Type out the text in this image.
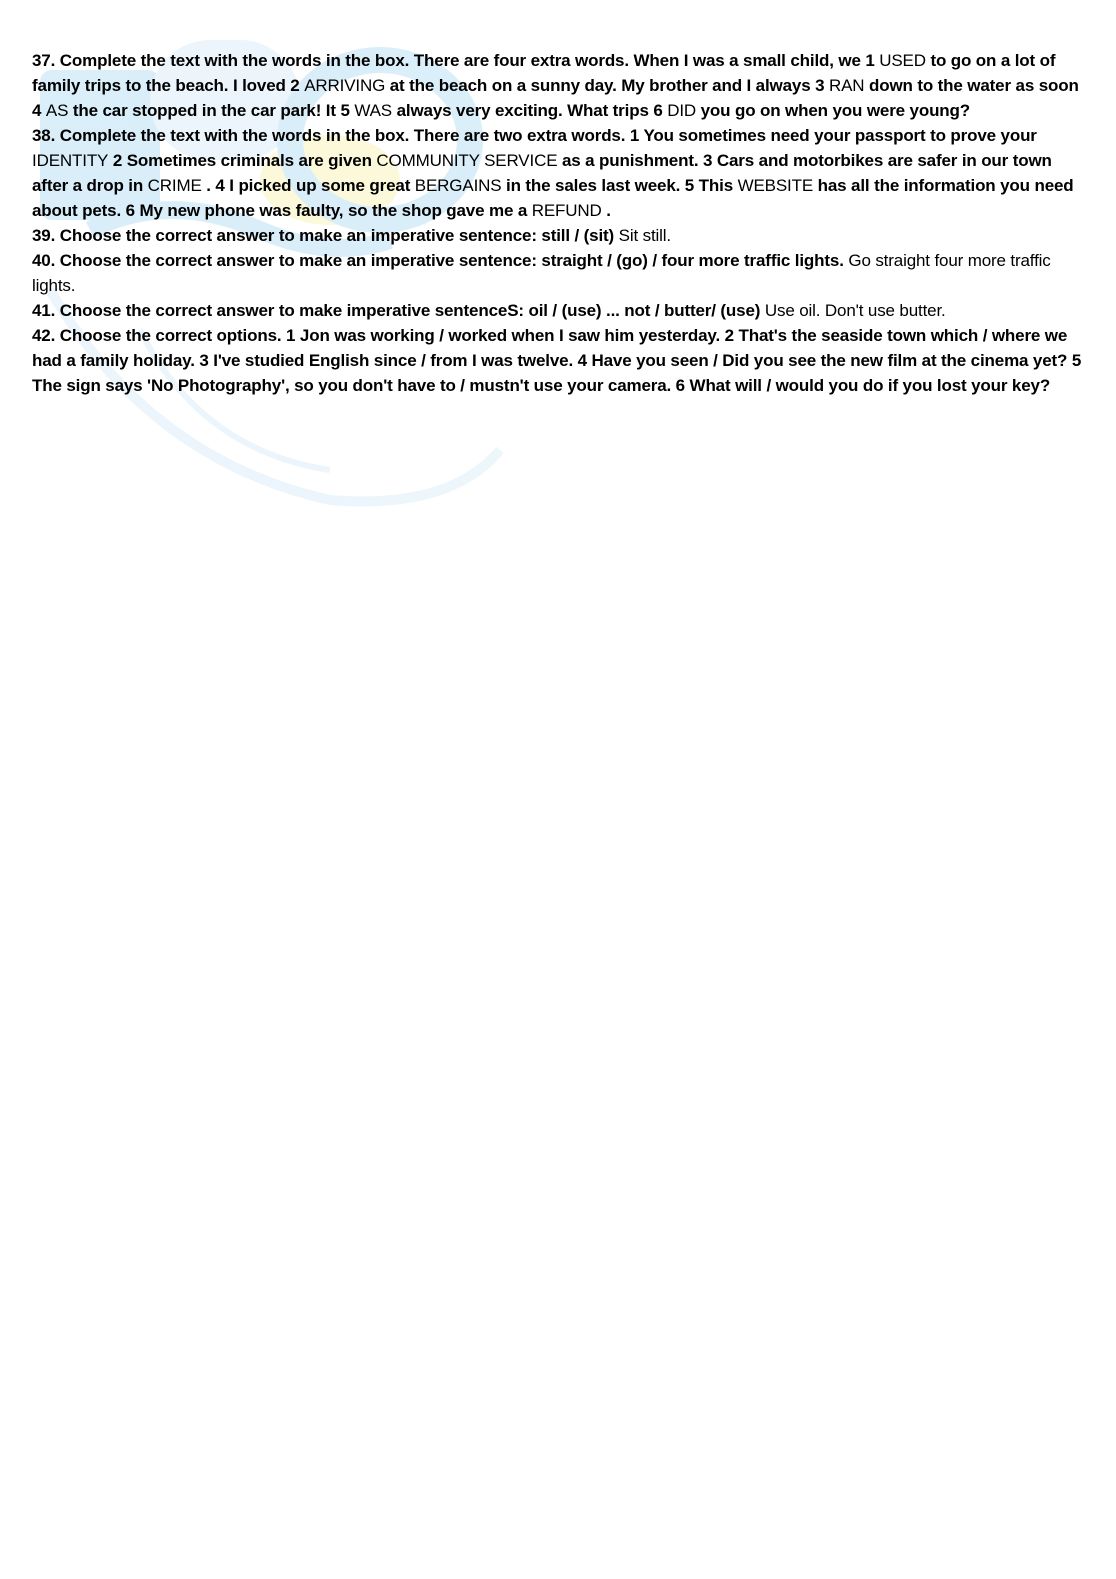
37. Complete the text with the words in the box. There are four extra words. When I was a small child, we 1 USED to go on a lot of family trips to the beach. I loved 2 ARRIVING at the beach on a sunny day. My brother and I always 3 RAN down to the water as soon 4 AS the car stopped in the car park! It 5 WAS always very exciting. What trips 6 DID you go on when you were young?

38. Complete the text with the words in the box. There are two extra words. 1 You sometimes need your passport to prove your IDENTITY 2 Sometimes criminals are given COMMUNITY SERVICE as a punishment. 3 Cars and motorbikes are safer in our town after a drop in CRIME . 4 I picked up some great BERGAINS in the sales last week. 5 This WEBSITE has all the information you need about pets. 6 My new phone was faulty, so the shop gave me a REFUND .

39. Choose the correct answer to make an imperative sentence: still / (sit) Sit still.

40. Choose the correct answer to make an imperative sentence: straight / (go) / four more traffic lights. Go straight four more traffic lights.

41. Choose the correct answer to make imperative sentenceS: oil / (use) ... not / butter/ (use) Use oil. Don't use butter.

42. Choose the correct options. 1 Jon was working / worked when I saw him yesterday. 2 That's the seaside town which / where we had a family holiday. 3 I've studied English since / from I was twelve. 4 Have you seen / Did you see the new film at the cinema yet? 5 The sign says 'No Photography', so you don't have to / mustn't use your camera. 6 What will / would you do if you lost your key?
